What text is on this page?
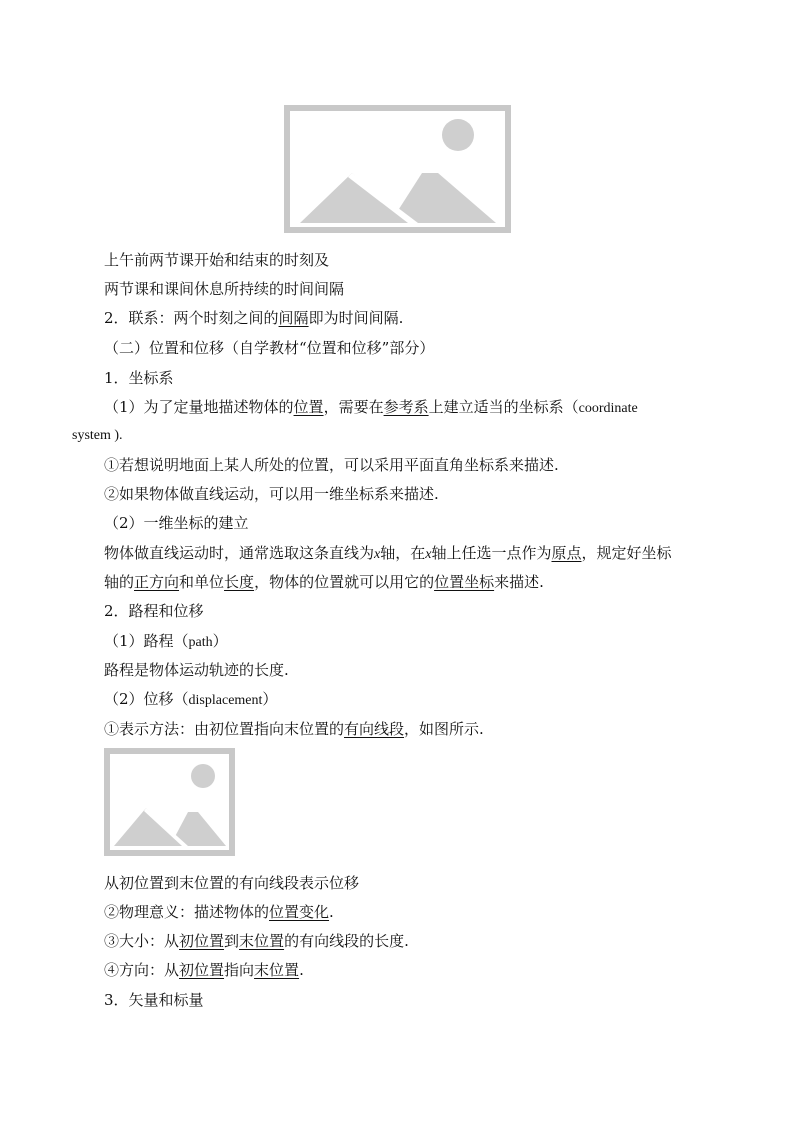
上午前两节课开始和结束的时刻及
两节课和课间休息所持续的时间间隔
2．联系：两个时刻之间的间隔即为时间间隔.
（二）位置和位移（自学教材“位置和位移”部分）
1．坐标系
（1）为了定量地描述物体的位置，需要在参考系上建立适当的坐标系（coordinate
system ).
①若想说明地面上某人所处的位置，可以采用平面直角坐标系来描述.
②如果物体做直线运动，可以用一维坐标系来描述.
（2）一维坐标的建立
物体做直线运动时，通常选取这条直线为x轴，在x轴上任选一点作为原点，规定好坐标
轴的正方向和单位长度，物体的位置就可以用它的位置坐标来描述.
2．路程和位移
（1）路程（path）
路程是物体运动轨迹的长度.
（2）位移（displacement）
①表示方法：由初位置指向末位置的有向线段，如图所示.
从初位置到末位置的有向线段表示位移
②物理意义：描述物体的位置变化.
③大小：从初位置到末位置的有向线段的长度.
④方向：从初位置指向末位置.
3．矢量和标量
